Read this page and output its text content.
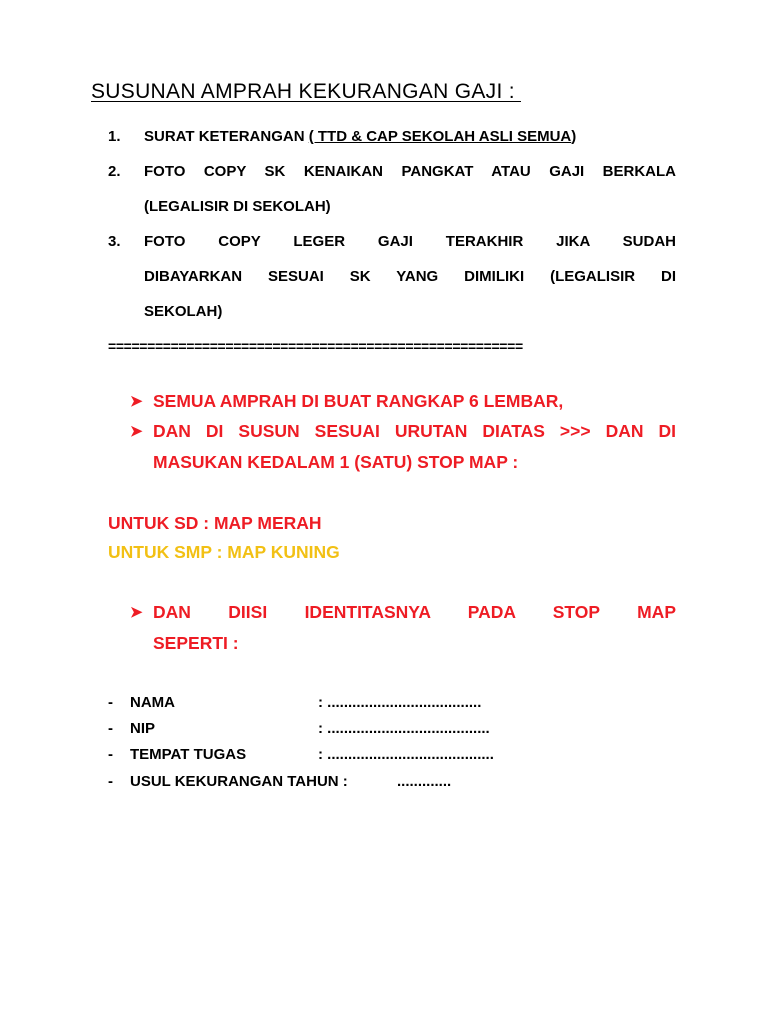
SUSUNAN AMPRAH KEKURANGAN GAJI :
1.	SURAT KETERANGAN ( TTD & CAP SEKOLAH ASLI SEMUA)
2.	FOTO COPY SK KENAIKAN PANGKAT ATAU GAJI BERKALA
(LEGALISIR DI SEKOLAH)
3.	FOTO COPY LEGER GAJI TERAKHIR JIKA SUDAH
DIBAYARKAN SESUAI SK YANG DIMILIKI (LEGALISIR DI
SEKOLAH)
=====================================================
➤ SEMUA AMPRAH DI BUAT RANGKAP 6 LEMBAR,
➤ DAN DI SUSUN SESUAI URUTAN DIATAS >>> DAN DI
MASUKAN KEDALAM 1 (SATU) STOP MAP :
UNTUK SD : MAP MERAH
UNTUK SMP : MAP KUNING
➤ DAN DIISI IDENTITASNYA PADA STOP MAP
SEPERTI :
- NAMA	: .....................................
- NIP	: .......................................
- TEMPAT TUGAS	: ........................................
- USUL KEKURANGAN TAHUN :	.............
